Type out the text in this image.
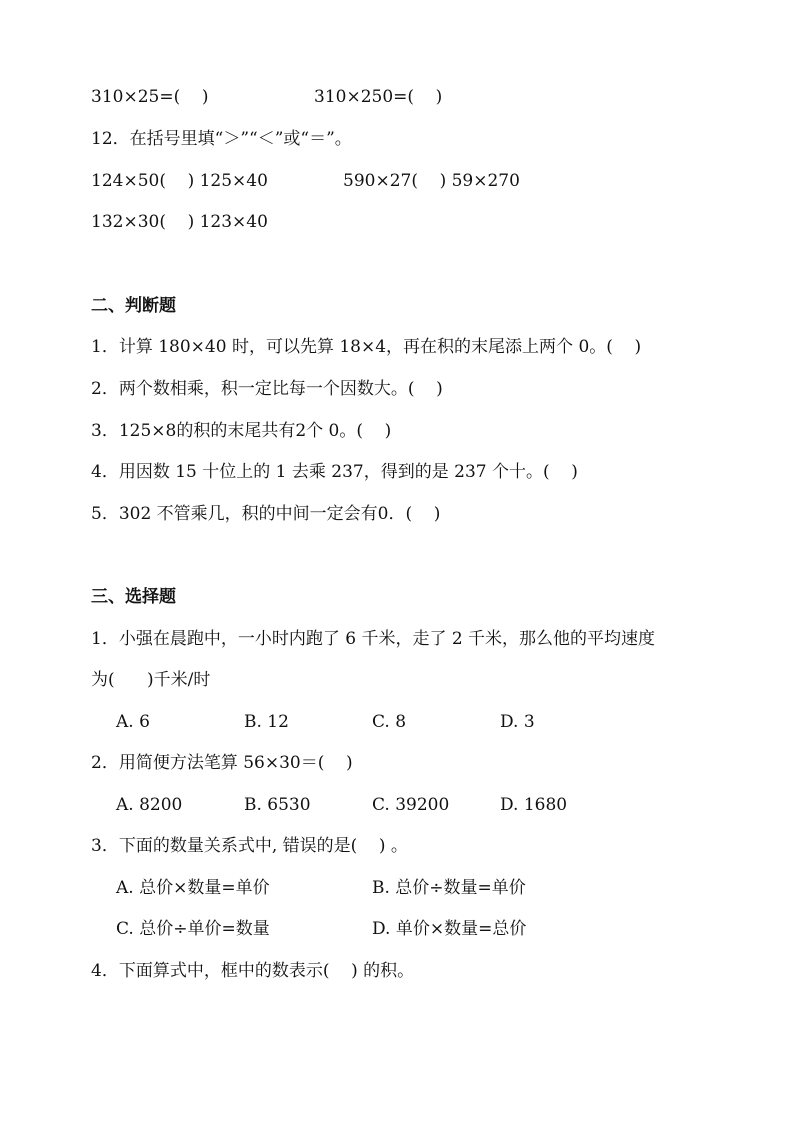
310×25=(    )	310×250=(    )
12．在括号里填“＞”“＜”或“＝”。
124×50(    ) 125×40	590×27(    ) 59×270
132×30(    ) 123×40
二、判断题
1．计算 180×40 时，可以先算 18×4，再在积的末尾添上两个 0。(    )
2．两个数相乘，积一定比每一个因数大。(    )
3．125×8的积的末尾共有2个 0。(    )
4．用因数 15 十位上的 1 去乘 237，得到的是 237 个十。(    )
5．302 不管乘几，积的中间一定会有0．(    )
三、选择题
1．小强在晨跑中，一小时内跑了 6 千米，走了 2 千米，那么他的平均速度
为(      )千米/时
A. 6	B. 12	C. 8	D. 3
2．用简便方法笔算 56×30＝(    )
A. 8200	B. 6530	C. 39200	D. 1680
3．下面的数量关系式中, 错误的是(    ) 。
A. 总价×数量=单价	B. 总价÷数量=单价
C. 总价÷单价=数量	D. 单价×数量=总价
4．下面算式中，框中的数表示(    ) 的积。
